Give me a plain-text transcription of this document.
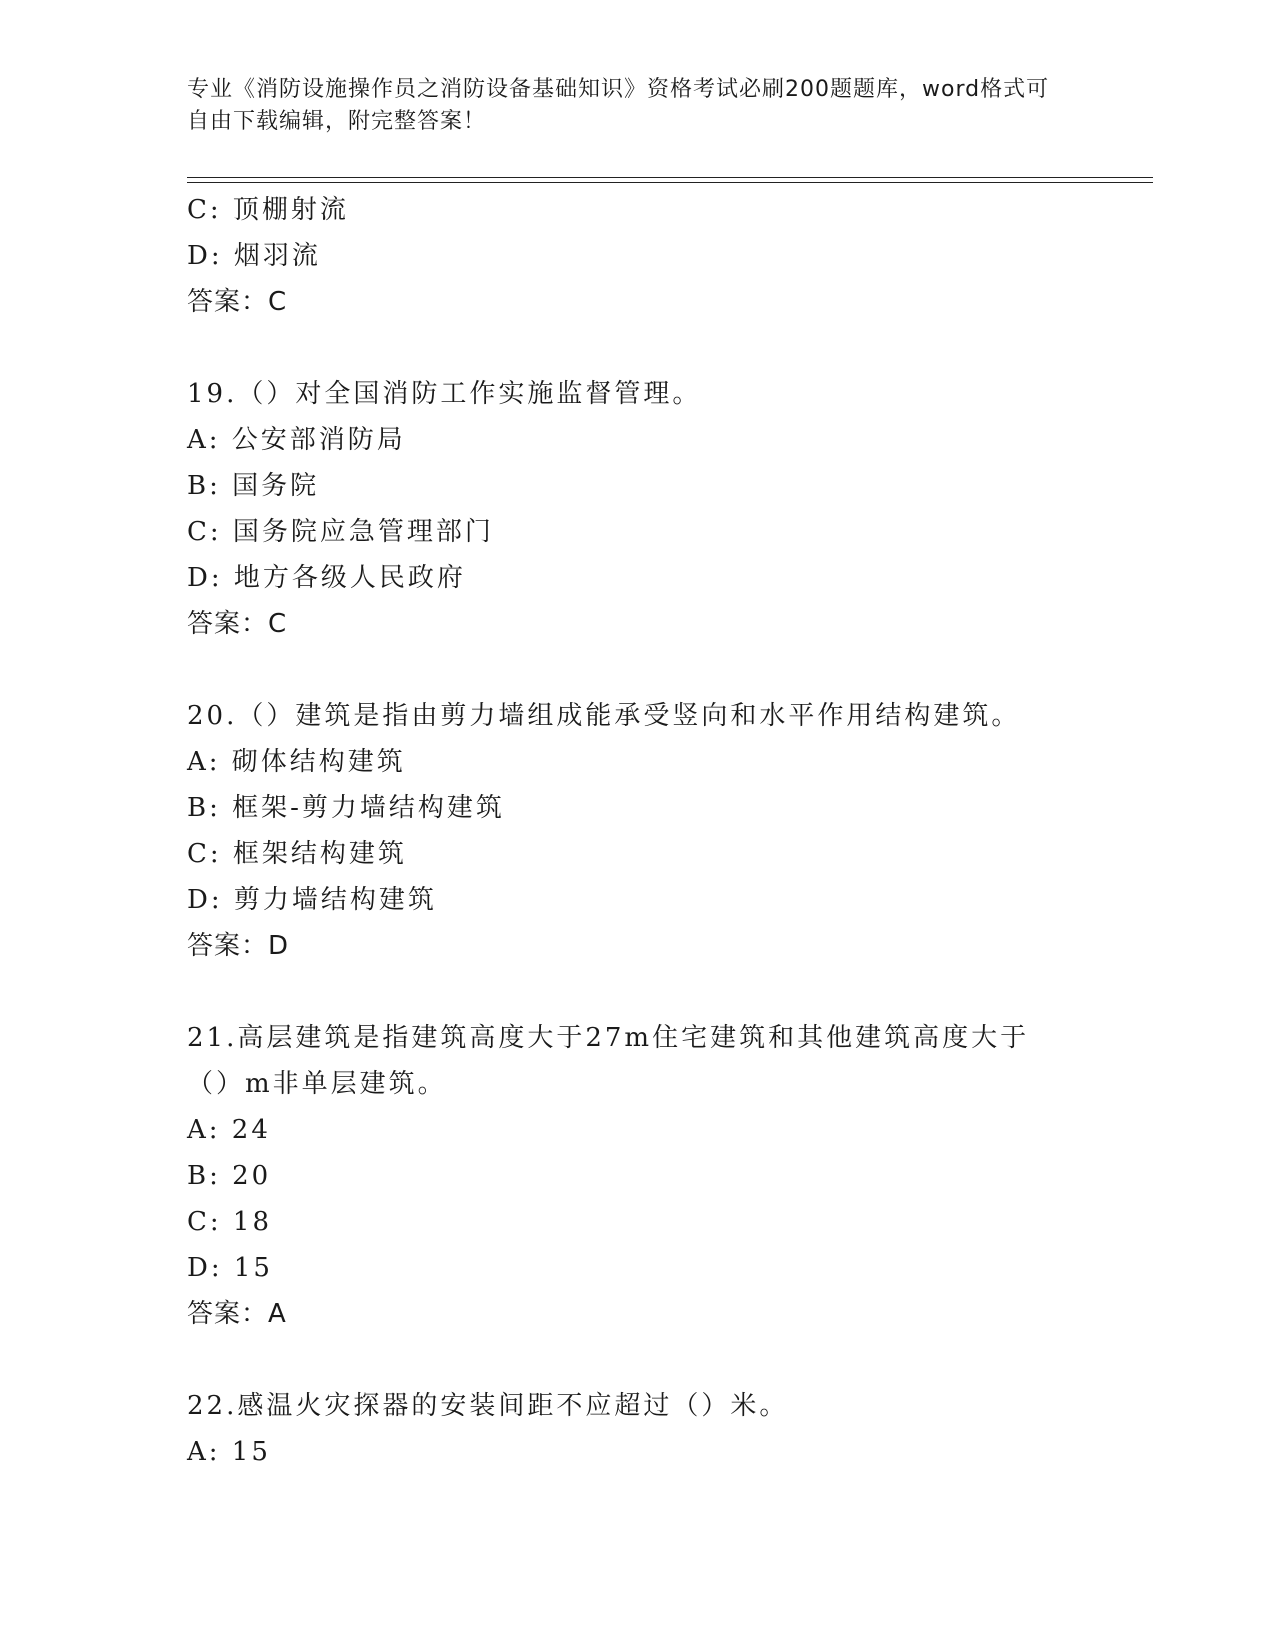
专业《消防设施操作员之消防设备基础知识》资格考试必刷200题题库，word格式可自由下载编辑，附完整答案！
C: 顶棚射流
D: 烟羽流
答案：C
19.（）对全国消防工作实施监督管理。
A: 公安部消防局
B: 国务院
C: 国务院应急管理部门
D: 地方各级人民政府
答案：C
20.（）建筑是指由剪力墙组成能承受竖向和水平作用结构建筑。
A: 砌体结构建筑
B: 框架-剪力墙结构建筑
C: 框架结构建筑
D: 剪力墙结构建筑
答案：D
21.高层建筑是指建筑高度大于27m住宅建筑和其他建筑高度大于（）m非单层建筑。
A: 24
B: 20
C: 18
D: 15
答案：A
22.感温火灾探器的安装间距不应超过（）米。
A: 15
